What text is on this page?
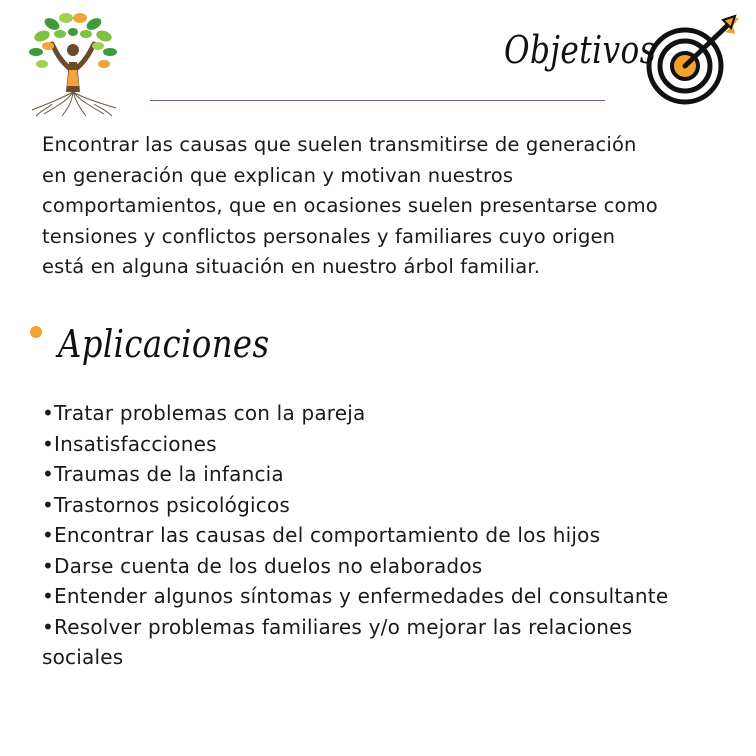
Objetivos

Encontrar las causas que suelen transmitirse de generación
en generación que explican y motivan nuestros
comportamientos, que en ocasiones suelen presentarse como
tensiones y conflictos personales y familiares cuyo origen
está en alguna situación en nuestro árbol familiar.

Aplicaciones
•Tratar problemas con la pareja
•Insatisfacciones
•Traumas de la infancia
•Trastornos psicológicos
•Encontrar las causas del comportamiento de los hijos
•Darse cuenta de los duelos no elaborados
•Entender algunos síntomas y enfermedades del consultante
•Resolver problemas familiares y/o mejorar las relaciones
sociales
